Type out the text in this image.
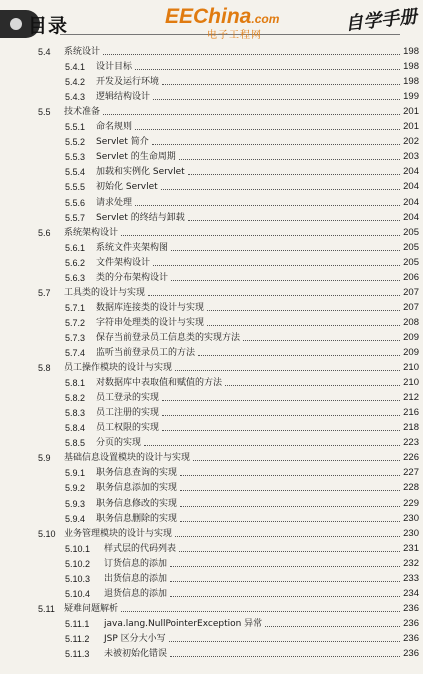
目录	EEChina.com
电子工程网
自学手册
5.4 系统设计	198
5.4.1 设计目标	198
5.4.2 开发及运行环境	198
5.4.3 逻辑结构设计	199
5.5 技术准备	201
5.5.1 命名规则	201
5.5.2 Servlet 简介	202
5.5.3 Servlet 的生命周期	203
5.5.4 加载和实例化 Servlet	204
5.5.5 初始化 Servlet	204
5.5.6 请求处理	204
5.5.7 Servlet 的终结与卸载	204
5.6 系统架构设计	205
5.6.1 系统文件夹架构图	205
5.6.2 文件架构设计	205
5.6.3 类的分布架构设计	206
5.7 工具类的设计与实现	207
5.7.1 数据库连接类的设计与实现	207
5.7.2 字符串处理类的设计与实现	208
5.7.3 保存当前登录员工信息类的实现方法	209
5.7.4 监听当前登录员工的方法	209
5.8 员工操作模块的设计与实现	210
5.8.1 对数据库中表取值和赋值的方法	210
5.8.2 员工登录的实现	212
5.8.3 员工注册的实现	216
5.8.4 员工权限的实现	218
5.8.5 分页的实现	223
5.9 基础信息设置模块的设计与实现	226
5.9.1 职务信息查询的实现	227
5.9.2 职务信息添加的实现	228
5.9.3 职务信息修改的实现	229
5.9.4 职务信息删除的实现	230
5.10 业务管理模块的设计与实现	230
5.10.1 样式层的代码列表	231
5.10.2 订货信息的添加	232
5.10.3 出货信息的添加	233
5.10.4 退货信息的添加	234
5.11 疑难问题解析	236
5.11.1 java.lang.NullPointerException 异常	236
5.11.2 JSP 区分大小写	236
5.11.3 未被初始化错误	236
